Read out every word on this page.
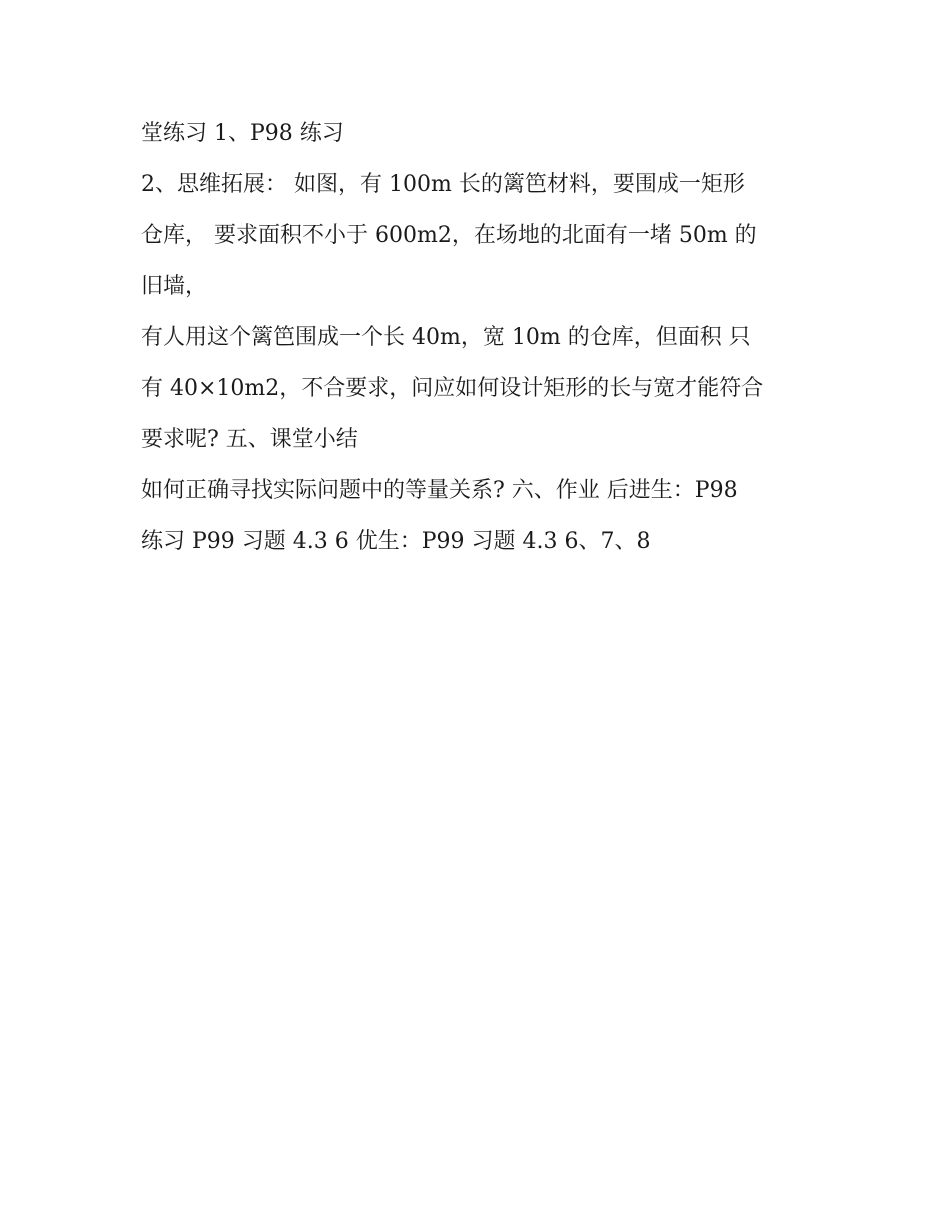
堂练习 1、P98 练习
2、思维拓展： 如图，有 100m 长的篱笆材料，要围成一矩形
仓库， 要求面积不小于 600m2，在场地的北面有一堵 50m 的
旧墙，
有人用这个篱笆围成一个长 40m，宽 10m 的仓库，但面积 只
有 40×10m2，不合要求，问应如何设计矩形的长与宽才能符合
要求呢? 五、课堂小结
如何正确寻找实际问题中的等量关系? 六、作业 后进生：P98
练习 P99 习题 4.3 6 优生：P99 习题 4.3 6、7、8
